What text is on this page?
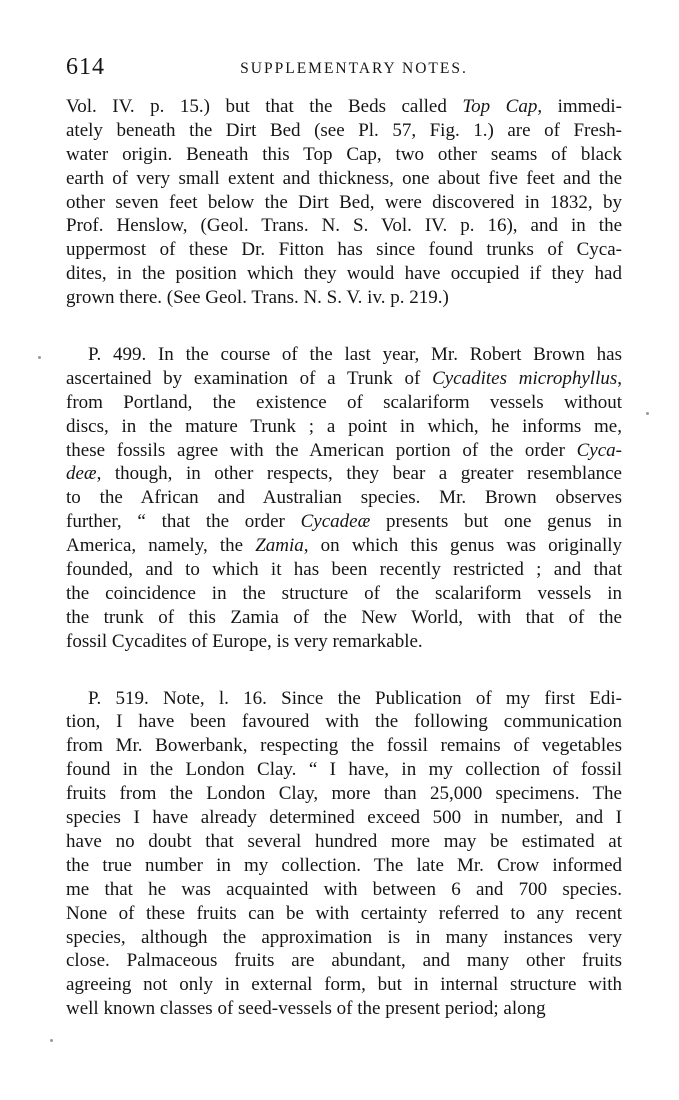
614	SUPPLEMENTARY NOTES.
Vol. IV. p. 15.) but that the Beds called Top Cap, immedi-
ately beneath the Dirt Bed (see Pl. 57, Fig. 1.) are of Fresh-
water origin. Beneath this Top Cap, two other seams of black
earth of very small extent and thickness, one about five feet and the
other seven feet below the Dirt Bed, were discovered in 1832, by
Prof. Henslow, (Geol. Trans. N. S. Vol. IV. p. 16), and in the
uppermost of these Dr. Fitton has since found trunks of Cyca-
dites, in the position which they would have occupied if they had
grown there. (See Geol. Trans. N. S. V. iv. p. 219.)
P. 499. In the course of the last year, Mr. Robert Brown has
ascertained by examination of a Trunk of Cycadites microphyllus,
from Portland, the existence of scalariform vessels without
discs, in the mature Trunk ; a point in which, he informs me,
these fossils agree with the American portion of the order Cyca-
deæ, though, in other respects, they bear a greater resemblance
to the African and Australian species. Mr. Brown observes
further, “ that the order Cycadeæ presents but one genus in
America, namely, the Zamia, on which this genus was originally
founded, and to which it has been recently restricted ; and that
the coincidence in the structure of the scalariform vessels in
the trunk of this Zamia of the New World, with that of the
fossil Cycadites of Europe, is very remarkable.
P. 519. Note, l. 16. Since the Publication of my first Edi-
tion, I have been favoured with the following communication
from Mr. Bowerbank, respecting the fossil remains of vegetables
found in the London Clay. “ I have, in my collection of fossil
fruits from the London Clay, more than 25,000 specimens. The
species I have already determined exceed 500 in number, and I
have no doubt that several hundred more may be estimated at
the true number in my collection. The late Mr. Crow informed
me that he was acquainted with between 6 and 700 species.
None of these fruits can be with certainty referred to any recent
species, although the approximation is in many instances very
close. Palmaceous fruits are abundant, and many other fruits
agreeing not only in external form, but in internal structure with
well known classes of seed-vessels of the present period; along
